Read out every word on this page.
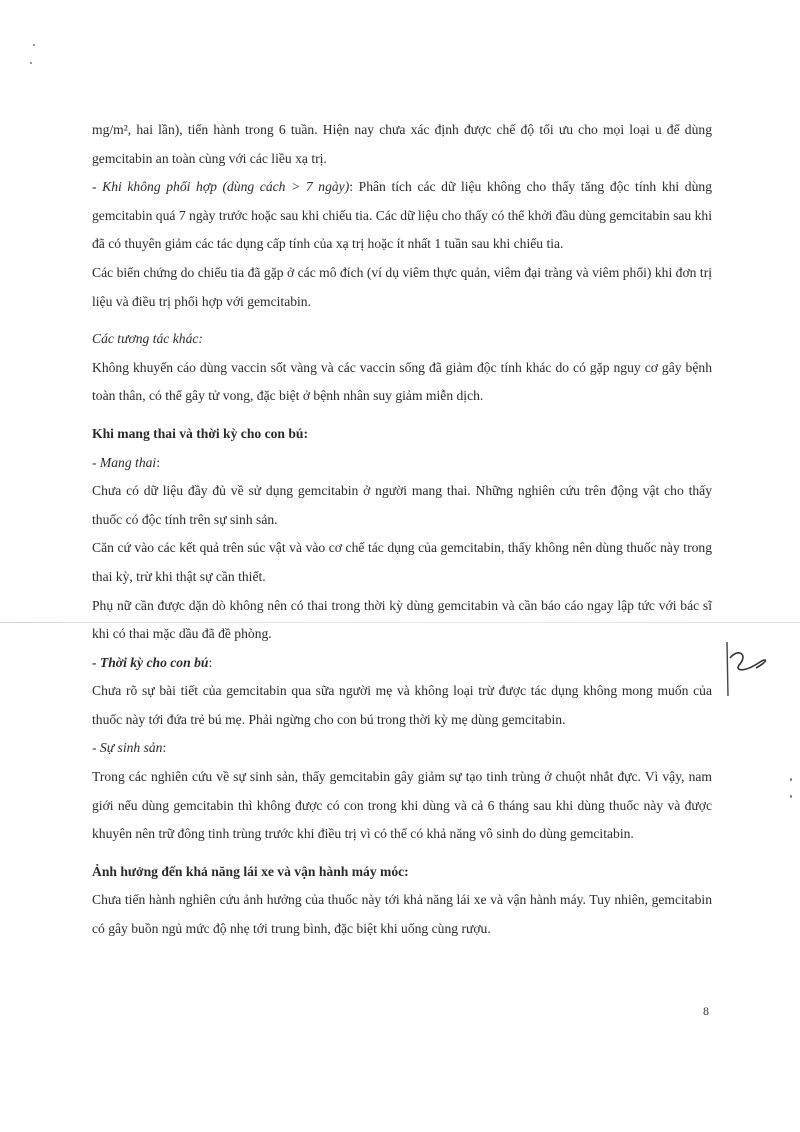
mg/m², hai lần), tiến hành trong 6 tuần. Hiện nay chưa xác định được chế độ tối ưu cho mọi loại u để dùng gemcitabin an toàn cùng với các liều xạ trị.

- Khi không phối hợp (dùng cách > 7 ngày): Phân tích các dữ liệu không cho thấy tăng độc tính khi dùng gemcitabin quá 7 ngày trước hoặc sau khi chiếu tia. Các dữ liệu cho thấy có thể khởi đầu dùng gemcitabin sau khi đã có thuyên giảm các tác dụng cấp tính của xạ trị hoặc ít nhất 1 tuần sau khi chiếu tia.

Các biến chứng do chiếu tia đã gặp ở các mô đích (ví dụ viêm thực quản, viêm đại tràng và viêm phổi) khi đơn trị liệu và điều trị phối hợp với gemcitabin.

Các tương tác khác:

Không khuyến cáo dùng vaccin sốt vàng và các vaccin sống đã giảm độc tính khác do có gặp nguy cơ gây bệnh toàn thân, có thể gây tử vong, đặc biệt ở bệnh nhân suy giảm miễn dịch.

Khi mang thai và thời kỳ cho con bú:

- Mang thai:

Chưa có dữ liệu đầy đủ về sử dụng gemcitabin ở người mang thai. Những nghiên cứu trên động vật cho thấy thuốc có độc tính trên sự sinh sản.

Căn cứ vào các kết quả trên súc vật và vào cơ chế tác dụng của gemcitabin, thấy không nên dùng thuốc này trong thai kỳ, trừ khi thật sự cần thiết.

Phụ nữ cần được dặn dò không nên có thai trong thời kỳ dùng gemcitabin và cần báo cáo ngay lập tức với bác sĩ khi có thai mặc dầu đã đề phòng.

- Thời kỳ cho con bú:

Chưa rõ sự bài tiết của gemcitabin qua sữa người mẹ và không loại trừ được tác dụng không mong muốn của thuốc này tới đứa trẻ bú mẹ. Phải ngừng cho con bú trong thời kỳ mẹ dùng gemcitabin.

- Sự sinh sản:

Trong các nghiên cứu về sự sinh sản, thấy gemcitabin gây giảm sự tạo tinh trùng ở chuột nhắt đực. Vì vậy, nam giới nếu dùng gemcitabin thì không được có con trong khi dùng và cả 6 tháng sau khi dùng thuốc này và được khuyên nên trữ đông tinh trùng trước khi điều trị vì có thể có khả năng vô sinh do dùng gemcitabin.

Ảnh hưởng đến khả năng lái xe và vận hành máy móc:

Chưa tiến hành nghiên cứu ảnh hưởng của thuốc này tới khả năng lái xe và vận hành máy. Tuy nhiên, gemcitabin có gây buồn ngủ mức độ nhẹ tới trung bình, đặc biệt khi uống cùng rượu.

8
